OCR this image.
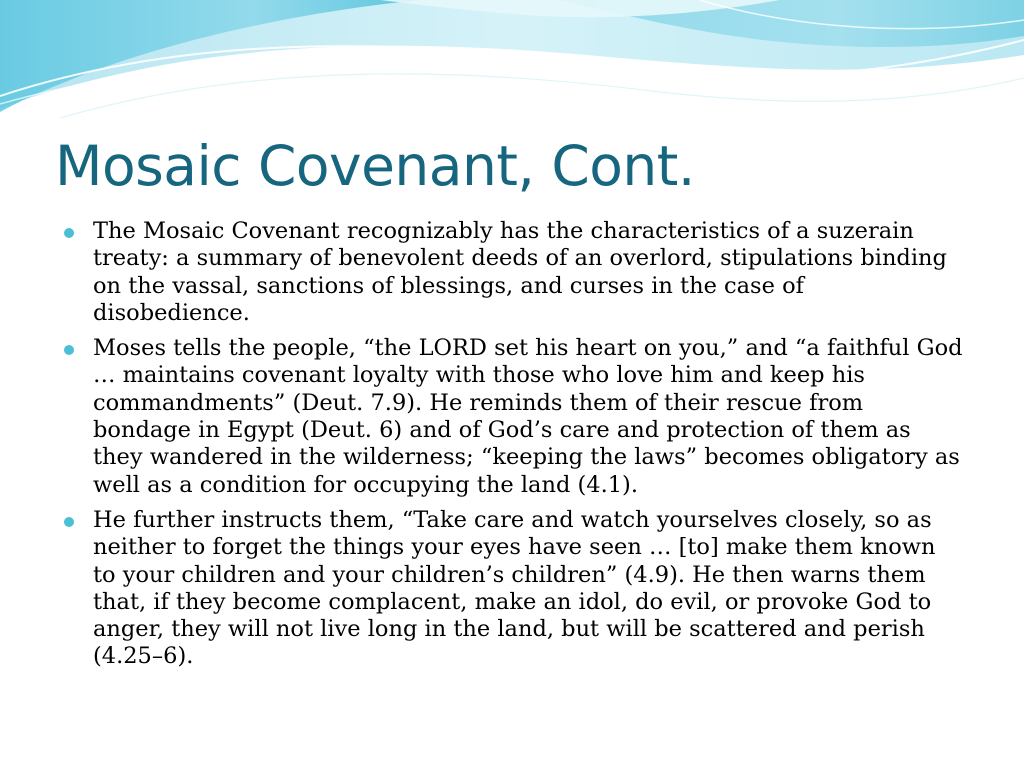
Mosaic Covenant, Cont.
The Mosaic Covenant recognizably has the characteristics of a suzerain treaty: a summary of benevolent deeds of an overlord, stipulations binding on the vassal, sanctions of blessings, and curses in the case of disobedience.
Moses tells the people, “the LORD set his heart on you,” and “a faithful God … maintains covenant loyalty with those who love him and keep his commandments” (Deut. 7.9). He reminds them of their rescue from bondage in Egypt (Deut. 6) and of God’s care and protection of them as they wandered in the wilderness; “keeping the laws” becomes obligatory as well as a condition for occupying the land (4.1).
He further instructs them, “Take care and watch yourselves closely, so as neither to forget the things your eyes have seen … [to] make them known to your children and your children’s children” (4.9). He then warns them that, if they become complacent, make an idol, do evil, or provoke God to anger, they will not live long in the land, but will be scattered and perish (4.25–6).
